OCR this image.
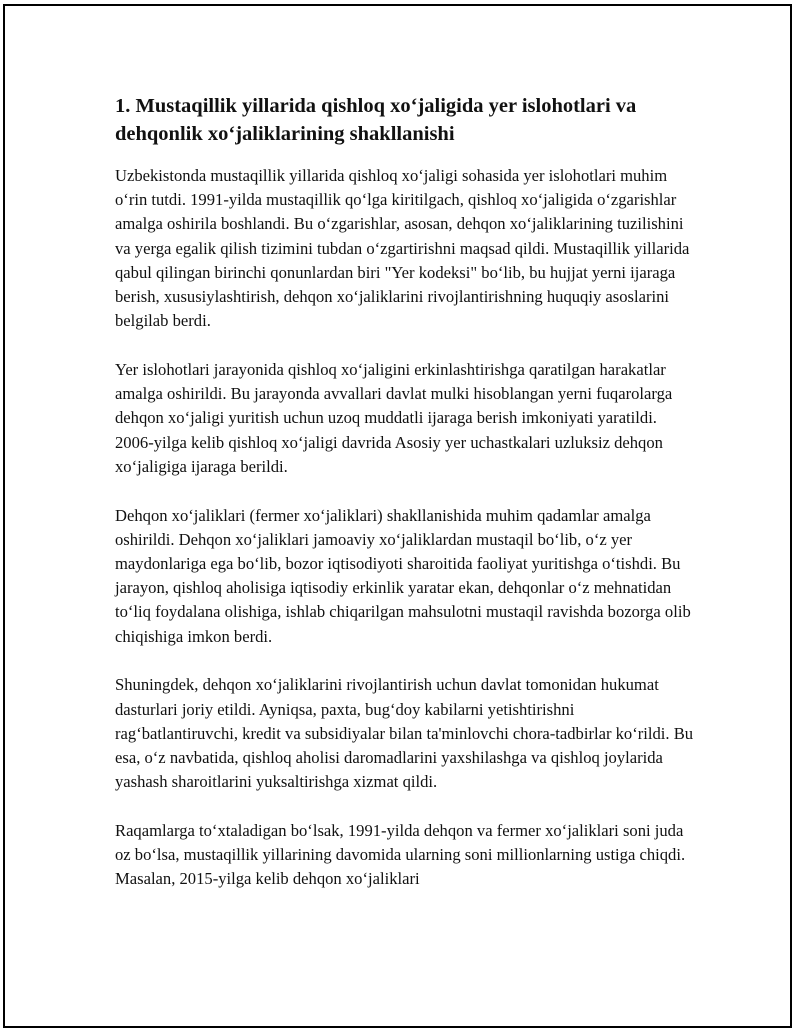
1. Mustaqillik yillarida qishloq xo‘jaligida yer islohotlari va dehqonlik xo‘jaliklarining shakllanishi

Uzbekistonda mustaqillik yillarida qishloq xo‘jaligi sohasida yer islohotlari muhim o‘rin tutdi. 1991-yilda mustaqillik qo‘lga kiritilgach, qishloq xo‘jaligida o‘zgarishlar amalga oshirila boshlandi. Bu o‘zgarishlar, asosan, dehqon xo‘jaliklarining tuzilishini va yerga egalik qilish tizimini tubdan o‘zgartirishni maqsad qildi. Mustaqillik yillarida qabul qilingan birinchi qonunlardan biri "Yer kodeksi" bo‘lib, bu hujjat yerni ijaraga berish, xususiylashtirish, dehqon xo‘jaliklarini rivojlantirishning huquqiy asoslarini belgilab berdi.

Yer islohotlari jarayonida qishloq xo‘jaligini erkinlashtirishga qaratilgan harakatlar amalga oshirildi. Bu jarayonda avvallari davlat mulki hisoblangan yerni fuqarolarga dehqon xo‘jaligi yuritish uchun uzoq muddatli ijaraga berish imkoniyati yaratildi. 2006-yilga kelib qishloq xo‘jaligi davrida Asosiy yer uchastkalari uzluksiz dehqon xo‘jaligiga ijaraga berildi.

Dehqon xo‘jaliklari (fermer xo‘jaliklari) shakllanishida muhim qadamlar amalga oshirildi. Dehqon xo‘jaliklari jamoaviy xo‘jaliklardan mustaqil bo‘lib, o‘z yer maydonlariga ega bo‘lib, bozor iqtisodiyoti sharoitida faoliyat yuritishga o‘tishdi. Bu jarayon, qishloq aholisiga iqtisodiy erkinlik yaratar ekan, dehqonlar o‘z mehnatidan to‘liq foydalana olishiga, ishlab chiqarilgan mahsulotni mustaqil ravishda bozorga olib chiqishiga imkon berdi.

Shuningdek, dehqon xo‘jaliklarini rivojlantirish uchun davlat tomonidan hukumat dasturlari joriy etildi. Ayniqsa, paxta, bug‘doy kabilarni yetishtirishni rag‘batlantiruvchi, kredit va subsidiyalar bilan ta'minlovchi chora-tadbirlar ko‘rildi. Bu esa, o‘z navbatida, qishloq aholisi daromadlarini yaxshilashga va qishloq joylarida yashash sharoitlarini yuksaltirishga xizmat qildi.

Raqamlarga to‘xtaladigan bo‘lsak, 1991-yilda dehqon va fermer xo‘jaliklari soni juda oz bo‘lsa, mustaqillik yillarining davomida ularning soni millionlarning ustiga chiqdi. Masalan, 2015-yilga kelib dehqon xo‘jaliklari
